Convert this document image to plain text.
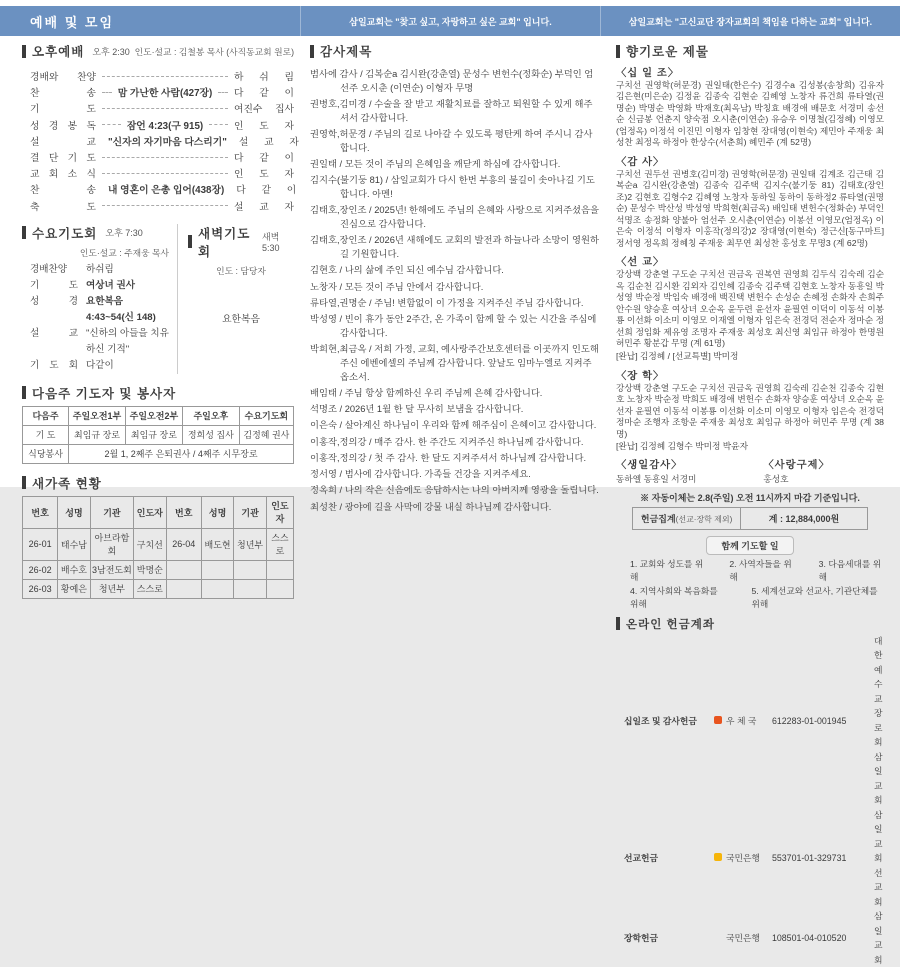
예배 및 모임	삼일교회는 "찾고 싶고, 자랑하고 싶은 교회" 입니다.	삼일교회는 "고신교단 장자교회의 책임을 다하는 교회" 입니다.
오후예배 오후 2:30 인도·설교 : 김철봉 목사 (사직동교회 원로)
경배와 찬양	하 쉬 림
찬 송 맘 가난한 사람(427장) 다 같 이
기 도	여진수 집사
성 경 봉 독	잠언 4:23(구 915)	인 도 자
설 교 "신자의 자기마음 다스리기" 설 교 자
결 단 기 도	다 같 이
교 회 소 식	인 도 자
찬 송 내 영혼이 은총 입어(438장) 다 같 이
축 도	설 교 자
수요기도회 오후 7:30
인도·설교 : 주재웅 목사
경배찬양	하쉬림
기 도 여상녀 권사
성 경 요한복음 4:43~54(신 148)
설 교 "신하의 아들을 치유하신 기적"
기 도 회 다같이
새벽기도회
새벽 5:30
인도 : 담당자
요한복음
다음주 기도자 및 봉사자
다음주	주일오전1부	주일오전2부	주일오후	수요기도회
기 도	최임규 장로	최임규 장로	정희성 집사	김정혜 권사
식당봉사	2월 1, 2째주 은퇴권사 / 4째주 시무장로			
새가족 현황
번호	성명	기관	인도자	번호	성명	기관	인도자
26-01	태수남	아브라함회	구치선	26-04	배도현	청년부	스스로
26-02	배수호	3남전도회	박명순				
26-03	황예은	청년부	스스로				
감사제목

범사에 감사 / 김복순a 김시완(강춘열) 문성수 변헌수(정화순) 부덕인 엄선주 오시춘 (이연순) 이형자 무명

권병호,김미경 / 수술을 잘 받고 재활치료를 잘하고 퇴원할 수 있게 해주셔서 감사합니다.

권영학,허문경 / 주님의 길로 나아갈 수 있도록 평탄케 하여 주시니 감사합니다.

권일태 / 모든 것이 주님의 은혜임을 깨닫게 하심에 감사합니다.

김지수(불기둥 81) / 삼일교회가 다시 한번 부흥의 불길이 솟아나길 기도합니다. 아멘!

김태호,장인조 / 2025년! 한해에도 주님의 은혜와 사랑으로 지켜주셨음을 진심으로 감사합니다.

김태호,장인조 / 2026년 새해에도 교회의 발전과 하늘나라 소망이 영원하길 기원합니다.

김현호 / 나의 삶에 주인 되신 예수님 감사합니다.

노창자 / 모든 것이 주님 안에서 감사합니다.

류타열,권명순 / 주님! 변함없이 이 가정을 지켜주신 주님 감사합니다.

박성영 / 빈이 휴가 동안 2주간, 온 가족이 함께 할 수 있는 시간을 주심에 감사합니다.

박희현,최금옥 / 저희 가정, 교회, 예사랑주간보호센터를 이곳까지 인도해 주신 에벤에셀의 주님께 감사합니다. 앞날도 임마누엘로 지켜주옵소서.

배임태 / 주님 항상 함께하신 우리 주님께 은혜 감사합니다.

석명조 / 2026년 1월 한 달 무사히 보냄을 감사합니다.

이은숙 / 살아계신 하나님이 우리와 함께 해주심이 은혜이고 감사합니다.

이홍작,정의강 / 매주 감사. 한 주간도 지켜주신 하나님께 감사합니다.

이홍작,정의강 / 첫 주 감사. 한 달도 지켜주셔서 하나님께 감사합니다.

정서영 / 범사에 감사합니다. 가족들 건강을 지켜주세요.

정옥희 / 나의 작은 신음에도 응답하시는 나의 아버지께 영광을 돌립니다.

최성찬 / 광야에 길을 사막에 강물 내실 하나님께 감사합니다.

향기로운 제물
〈십 일 조〉
구치선 권영학(허문경) 권일태(한은수) 김경수a 김성봉(송창희) 김유자 김은현(미은순) 김정윤 김종숙 김현순 김혜영 노창자 류건희 류타열(권명순) 박명순 박영화 박재호(최옥남) 박칭효 배경애 배문호 서경미 송선순 신금봉 언춘지 양숙점 오시춘(이연순) 유승우 이명철(김정혜) 이영모(엄정옥) 이정석 이진민 이형자 임창현 장대영(이현숙) 제민아 주재웅 최성찬 최정옥 하정아 한상수(서춘희) 혜민주 (계 52명)
〈감 사〉
구치선 권두선 권병호(김미경) 권영학(허문경) 권일태 김계조 김근태 김복순a 김시완(강춘열) 김종숙 김주택 김지수(불기둥 81) 김태호(장인조)2 김현호 김형수2 김혜영 노창자 동하일 동하이 동하정2 류타열(권명순) 문성수 박산성 박성영 박희현(최금옥) 배임태 변헌수(정화순) 부덕인 석명조 송정화 양불아 엄선주 오시춘(이연순) 이봉선 이영모(엄정옥) 이은숙 이정석 이형자 이홍작(정의강)2 장대영(이현숙) 정근신[동구마트] 정서영 정옥희 정혜칭 주재웅 최무연 최성찬 홍성호 무명3 (계 62명)
〈선 교〉
강상백 강춘열 구도순 구치선 권금옥 권복연 권영희 김두식 김숙레 김순옥 김순천 김시환 김외자 김인혜 김종숙 김주택 김현호 노창자 동흥일 박성영 박순정 박임숙 배경애 백진택 변헌수 손성순 손혜정 손화자 손희주 안수원 양승훈 여상녀 오순옥 윤두련 윤선자 윤필연 이덕이 이동석 이봉룡 이선화 이소미 이영모 이재엘 이형자 임은숙 전경덕 전순자 정마순 정선희 정임화 제유영 조명자 주재웅 최성호 최신영 최임규 하정아 한명원 허민주 황분갑 무명 (계 61명)
[완납] 김정혜 / [선교특별] 박미정
〈장 학〉
강상백 강춘열 구도순 구치선 권금옥 권영희 김숙레 김순천 김종숙 김현호 노창자 박순정 박희도 배경애 변헌수 손화자 양승훈 여상녀 오순옥 윤선자 윤필연 이동석 이봉룡 이선화 이소미 이영모 이형자 임은숙 전경덕 정마순 조행자 조항운 주재웅 최성호 최임규 하정아 허민주 무명 (계 38명)
[완납] 김정혜 김형수 박미정 박윤자
〈생일감사〉
동하엘 동흥일 서경미
〈사랑구제〉
홍성호
※ 자동이체는 2.8(주일) 오전 11시까지 마감 기준입니다.
헌금집계(선교·장학 제외)	계 : 12,884,000원
함께 기도할 일
1. 교회와 성도를 위해
2. 사역자들을 위해
3. 다음세대를 위해
4. 지역사회와 복음화를 위해
5. 세계선교와 선교사, 기관단체를 위해
온라인 헌금계좌
십일조 및 감사헌금	우 체 국	612283-01-001945
대한예수교장로회 삼일교회
선교헌금	국민은행	553701-01-329731
삼일교회 선교회
장학헌금	국민은행	108501-04-010520
삼일교회
